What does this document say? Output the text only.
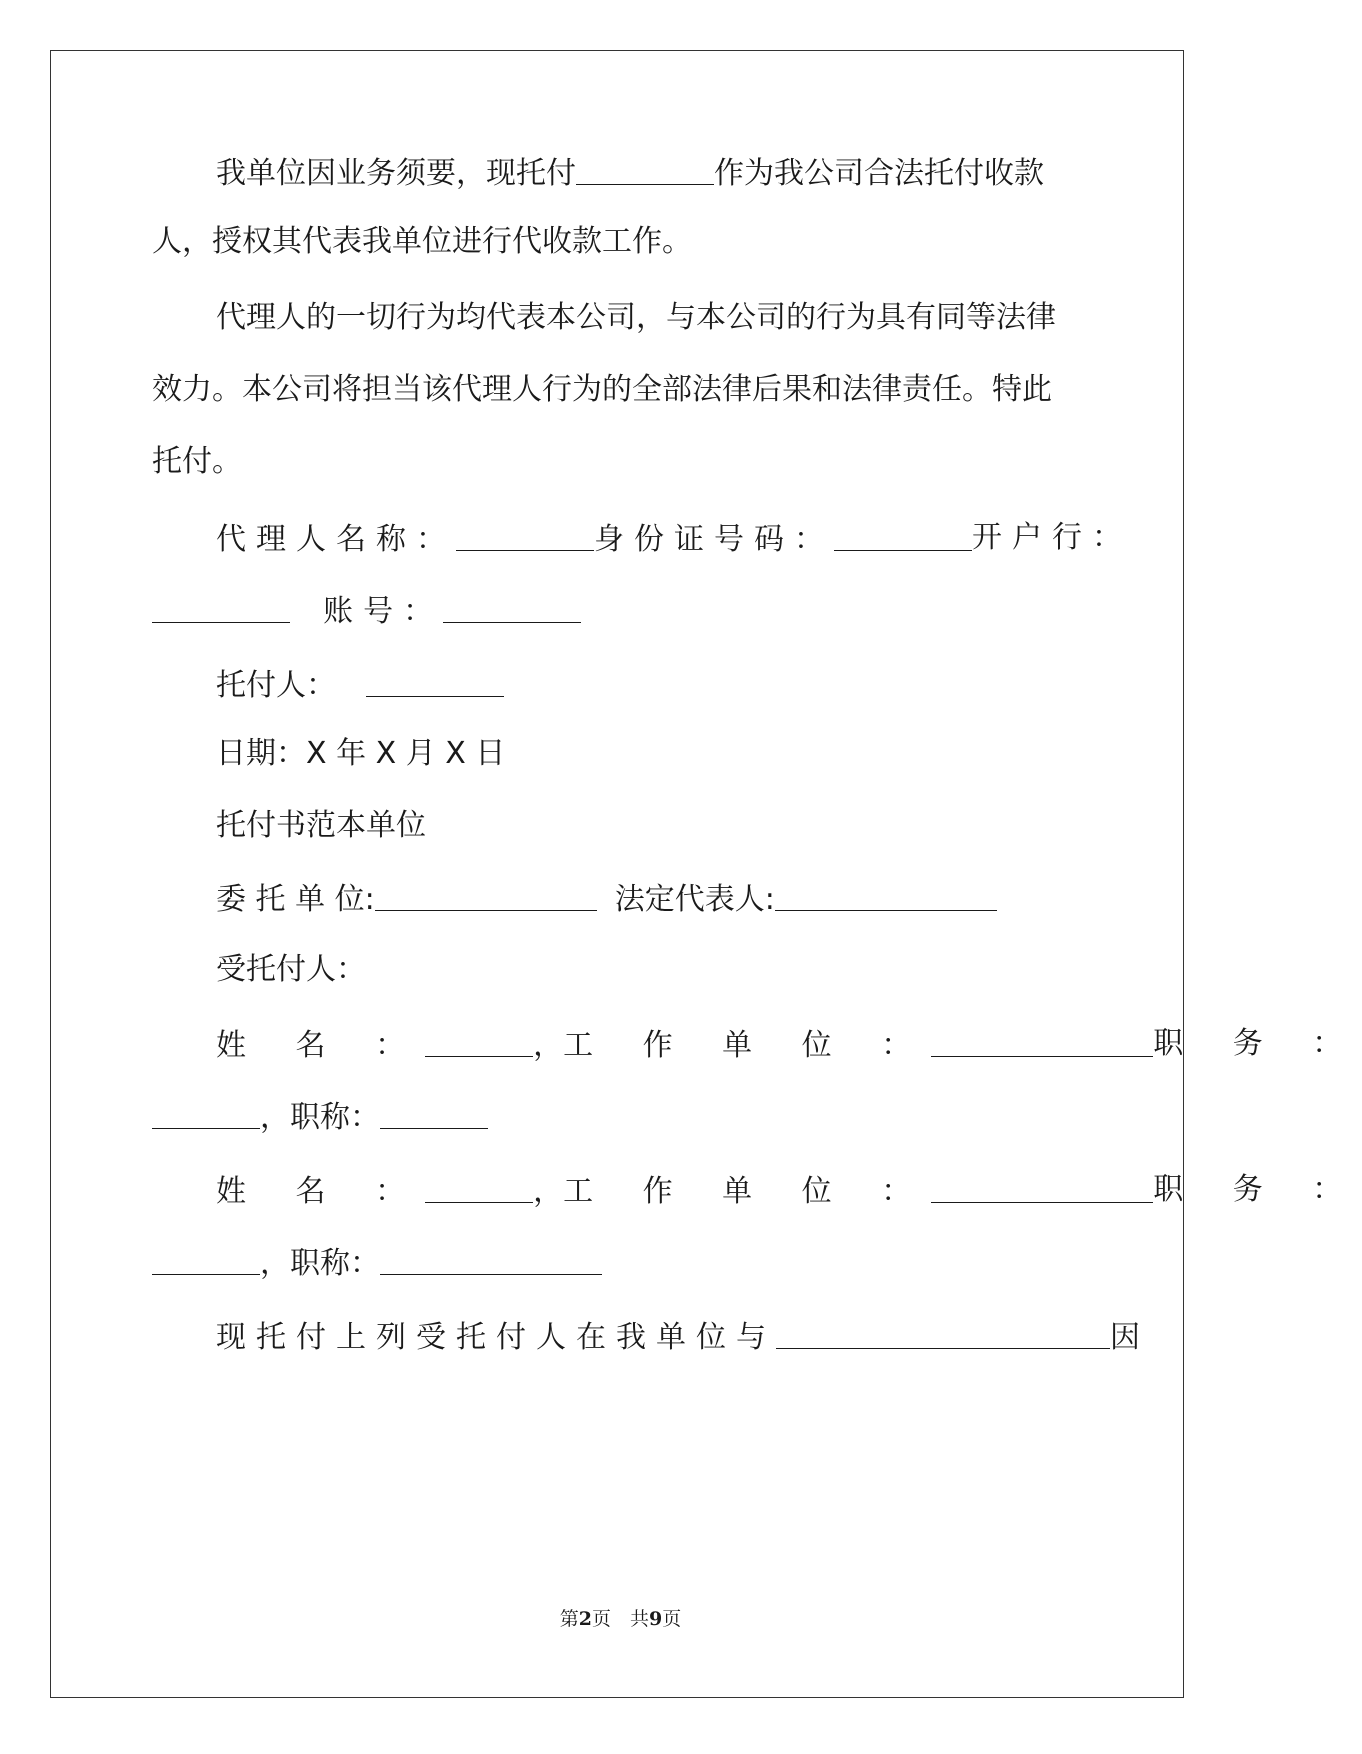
我单位因业务须要，现托付	作为我公司合法托付收款
人，授权其代表我单位进行代收款工作。
代理人的一切行为均代表本公司，与本公司的行为具有同等法律
效力。本公司将担当该代理人行为的全部法律后果和法律责任。特此
托付。
代理人名称：	身份证号码：	开户行：
账号：
托付人：
日期：X 年 X 月 X 日
托付书范本单位
委 托 单 位:	法定代表人:
受托付人：
姓 名 ：	， 工 作 单 位 ：	职 务 ：
，职称：
姓 名 ：	， 工 作 单 位 ：	职 务 ：
，职称：
现托付上列受托付人在我单位与	因
第2页　共9页
